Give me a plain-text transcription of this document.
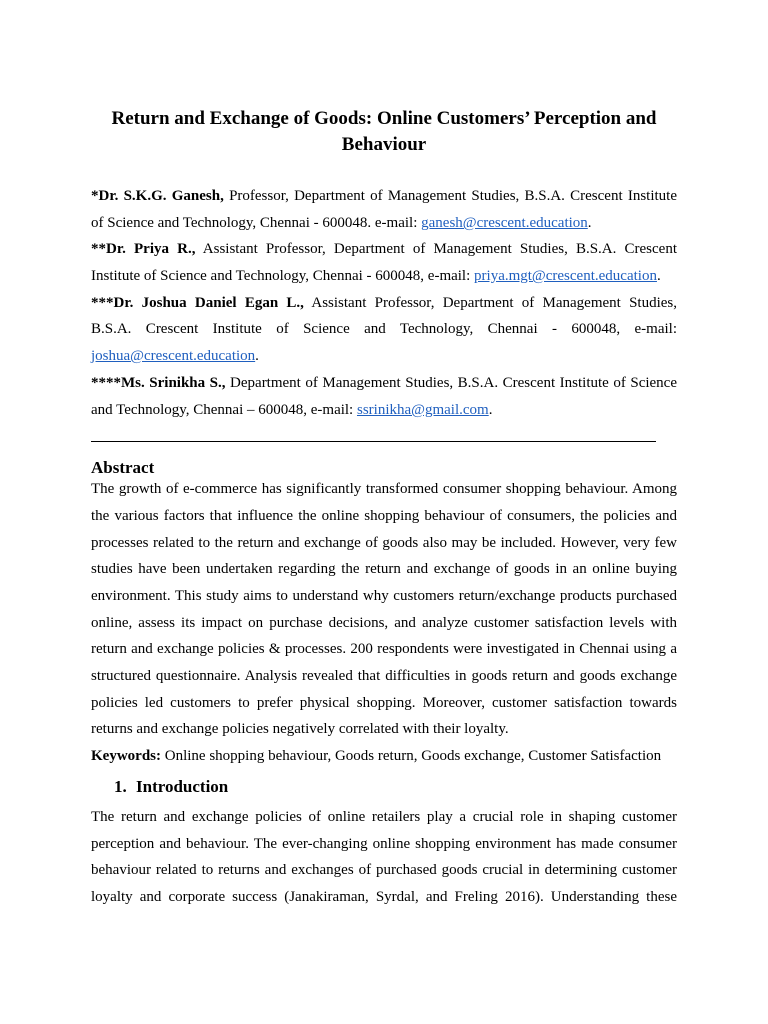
Return and Exchange of Goods: Online Customers’ Perception and
Behaviour
*Dr. S.K.G. Ganesh, Professor, Department of Management Studies, B.S.A. Crescent Institute
of Science and Technology, Chennai - 600048. e-mail: ganesh@crescent.education.
**Dr. Priya R., Assistant Professor, Department of Management Studies, B.S.A. Crescent
Institute of Science and Technology, Chennai - 600048, e-mail: priya.mgt@crescent.education.
***Dr. Joshua Daniel Egan L., Assistant Professor, Department of Management Studies,
B.S.A. Crescent Institute of Science and Technology, Chennai - 600048, e-mail:
joshua@crescent.education.
****Ms. Srinikha S., Department of Management Studies, B.S.A. Crescent Institute of Science
and Technology, Chennai – 600048, e-mail: ssrinikha@gmail.com.
Abstract
The growth of e-commerce has significantly transformed consumer shopping behaviour. Among
the various factors that influence the online shopping behaviour of consumers, the policies and
processes related to the return and exchange of goods also may be included. However, very few
studies have been undertaken regarding the return and exchange of goods in an online buying
environment. This study aims to understand why customers return/exchange products purchased
online, assess its impact on purchase decisions, and analyze customer satisfaction levels with
return and exchange policies & processes. 200 respondents were investigated in Chennai using a
structured questionnaire. Analysis revealed that difficulties in goods return and goods exchange
policies led customers to prefer physical shopping. Moreover, customer satisfaction towards
returns and exchange policies negatively correlated with their loyalty.
Keywords: Online shopping behaviour, Goods return, Goods exchange, Customer Satisfaction
1. Introduction
The return and exchange policies of online retailers play a crucial role in shaping customer
perception and behaviour. The ever-changing online shopping environment has made consumer
behaviour related to returns and exchanges of purchased goods crucial in determining customer
loyalty and corporate success (Janakiraman, Syrdal, and Freling 2016). Understanding these
